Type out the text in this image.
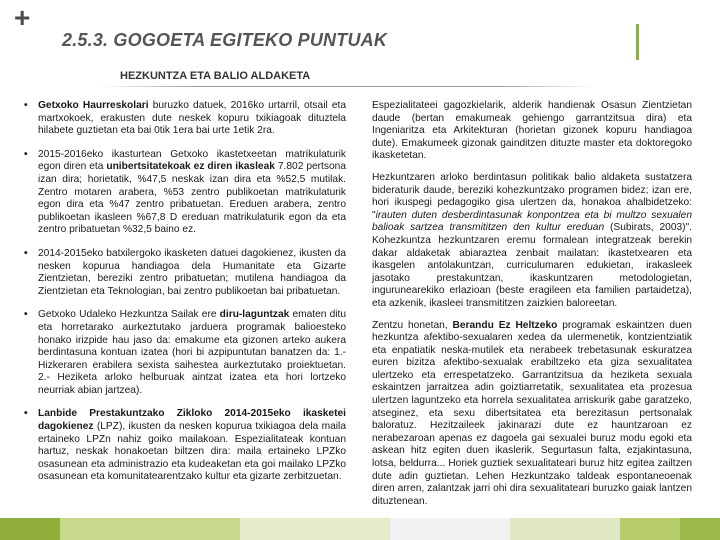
+
2.5.3. GOGOETA EGITEKO PUNTUAK
HEZKUNTZA ETA BALIO ALDAKETA
• Getxoko Haurreskolari buruzko datuek, 2016ko urtarril, otsail eta martxokoek, erakusten dute neskek kopuru txikiagoak dituztela hilabete guztietan eta bai 0tik 1era bai urte 1etik 2ra.
• 2015-2016eko ikasturtean Getxoko ikastetxeetan matrikulaturik egon diren eta unibertsitatekoak ez diren ikasleak 7.802 pertsona izan dira; horietatik, %47,5 neskak izan dira eta %52,5 mutilak. Zentro motaren arabera, %53 zentro publikoetan matrikulaturik egon dira eta %47 zentro pribatuetan. Ereduen arabera, zentro publikoetan ikasleen %67,8 D ereduan matrikulaturik egon da eta zentro pribatuetan %32,5 baino ez.
• 2014-2015eko batxilergoko ikasketen datuei dagokienez, ikusten da nesken kopurua handiagoa dela Humanitate eta Gizarte Zientzietan, bereziki zentro pribatuetan; mutilena handiagoa da Zientzietan eta Teknologian, bai zentro publikoetan bai pribatuetan.
• Getxoko Udaleko Hezkuntza Sailak ere diru-laguntzak ematen ditu eta horretarako aurkeztutako jarduera programak balioesteko honako irizpide hau jaso da: emakume eta gizonen arteko aukera berdintasuna kontuan izatea (hori bi azpipuntutan banatzen da: 1.- Hizkeraren erabilera sexista saihestea aurkeztutako proiektuetan. 2.- Heziketa arloko helburuak aintzat izatea eta hori lortzeko neurriak abian jartzea).
• Lanbide Prestakuntzako Zikloko 2014-2015eko ikasketei dagokienez (LPZ), ikusten da nesken kopurua txikiagoa dela maila ertaineko LPZn nahiz goiko mailakoan. Espezialitateak kontuan hartuz, neskak honakoetan biltzen dira: maila ertaineko LPZko osasunean eta administrazio eta kudeaketan eta goi mailako LPZko osasunean eta komunitatearentzako kultur eta gizarte zerbitzuetan.
Espezialitateei gagozkielarik, alderik handienak Osasun Zientzietan daude (bertan emakumeak gehiengo garrantzitsua dira) eta Ingeniaritza eta Arkitekturan (horietan gizonek kopuru handiagoa dute). Emakumeek gizonak gainditzen dituzte master eta doktoregoko ikasketetan.
Hezkuntzaren arloko berdintasun politikak balio aldaketa sustatzera bideraturik daude, bereziki kohezkuntzako programen bidez; izan ere, hori ikuspegi pedagogiko gisa ulertzen da, honakoa ahalbidetzeko: "irauten duten desberdintasunak konpontzea eta bi multzo sexualen balioak sartzea transmititzen den kultur ereduan (Subirats, 2003)". Kohezkuntza hezkuntzaren eremu formalean integratzeak berekin dakar aldaketak abiaraztea zenbait mailatan: ikastetxearen eta ikasgelen antolakuntzan, curriculumaren edukietan, irakasleek jasotako prestakuntzan, ikaskuntzaren metodologietan, ingurunearekiko erlazioan (beste eragileen eta familien partaidetza), eta azkenik, ikasleei transmititzen zaizkien baloreetan.
Zentzu honetan, Berandu Ez Heltzeko programak eskaintzen duen hezkuntza afektibo-sexualaren xedea da ulermenetik, kontzientziatik eta enpatiatik neska-mutilek eta nerabeek trebetasunak eskuratzea euren bizitza afektibo-sexualak erabiltzeko eta giza sexualitatea ulertzeko eta errespetatzeko. Garrantzitsua da heziketa sexuala eskaintzen jarraitzea adin goiztiarretatik, sexualitatea eta prozesua ulertzen laguntzeko eta horrela sexualitatea arriskurik gabe garatzeko, atseginez, eta sexu dibertsitatea eta berezitasun pertsonalak baloratuz. Hezitzaileek jakinarazi dute ez hauntzaroan ez nerabezaroan apenas ez dagoela gai sexualei buruz modu egoki eta askean hitz egiten duen ikaslerik. Segurtasun falta, ezjakintasuna, lotsa, beldurra... Horiek guztiek sexualitateari buruz hitz egitea zailtzen dute adin guztietan. Lehen Hezkuntzako taldeak espontaneoenak diren arren, zalantzak jarri ohi dira sexualitateari buruzko gaiak lantzen dituztenean.
